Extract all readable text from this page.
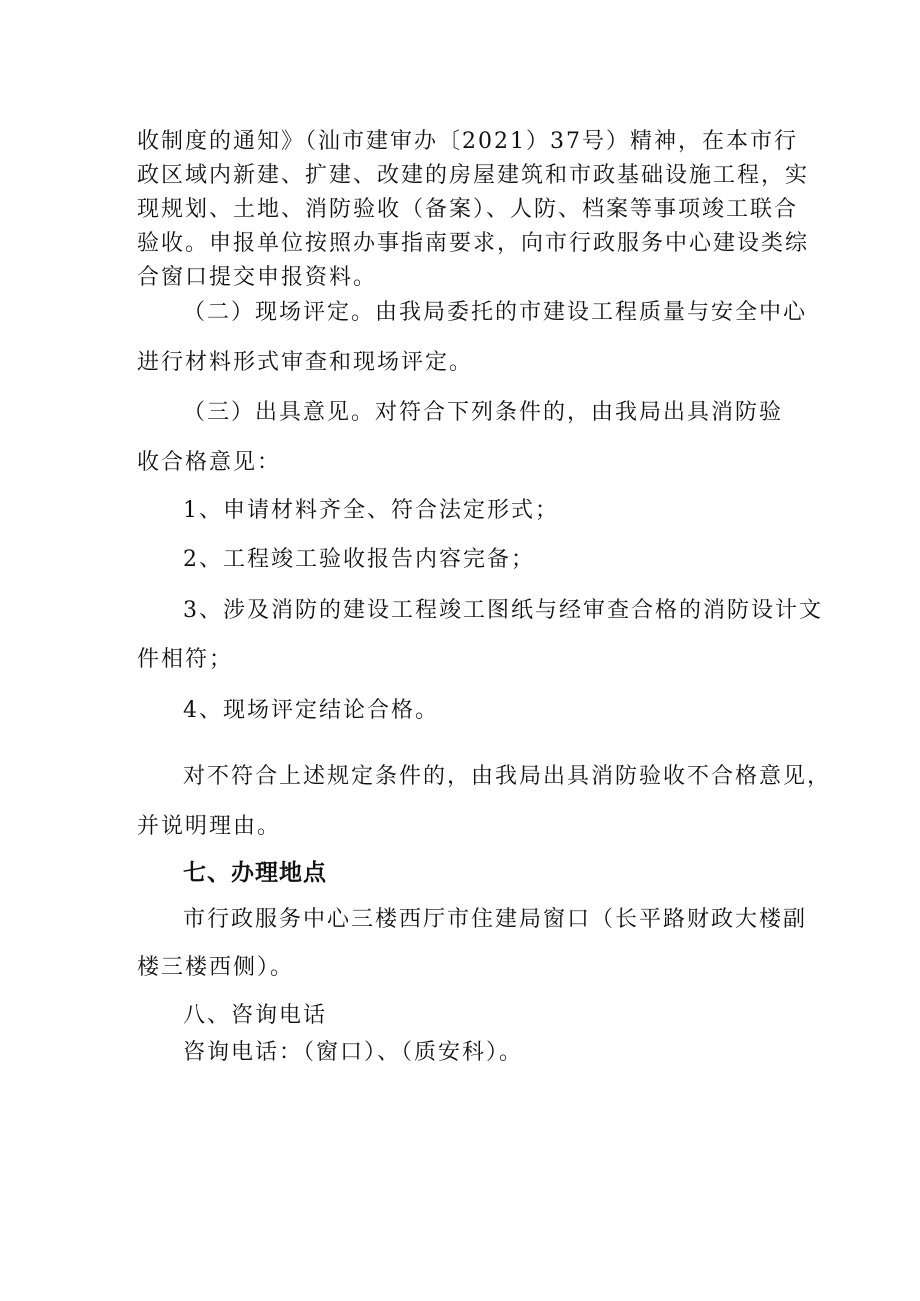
收制度的通知》（汕市建审办〔2021）37号）精神，在本市行
政区域内新建、扩建、改建的房屋建筑和市政基础设施工程，实
现规划、土地、消防验收（备案）、人防、档案等事项竣工联合
验收。申报单位按照办事指南要求，向市行政服务中心建设类综
合窗口提交申报资料。
（二）现场评定。由我局委托的市建设工程质量与安全中心
进行材料形式审查和现场评定。
（三）出具意见。对符合下列条件的，由我局出具消防验
收合格意见：
1、申请材料齐全、符合法定形式；
2、工程竣工验收报告内容完备；
3、涉及消防的建设工程竣工图纸与经审查合格的消防设计文
件相符；
4、现场评定结论合格。
对不符合上述规定条件的，由我局出具消防验收不合格意见，
并说明理由。
七、办理地点
市行政服务中心三楼西厅市住建局窗口（长平路财政大楼副
楼三楼西侧）。
八、咨询电话
咨询电话：（窗口）、（质安科）。
